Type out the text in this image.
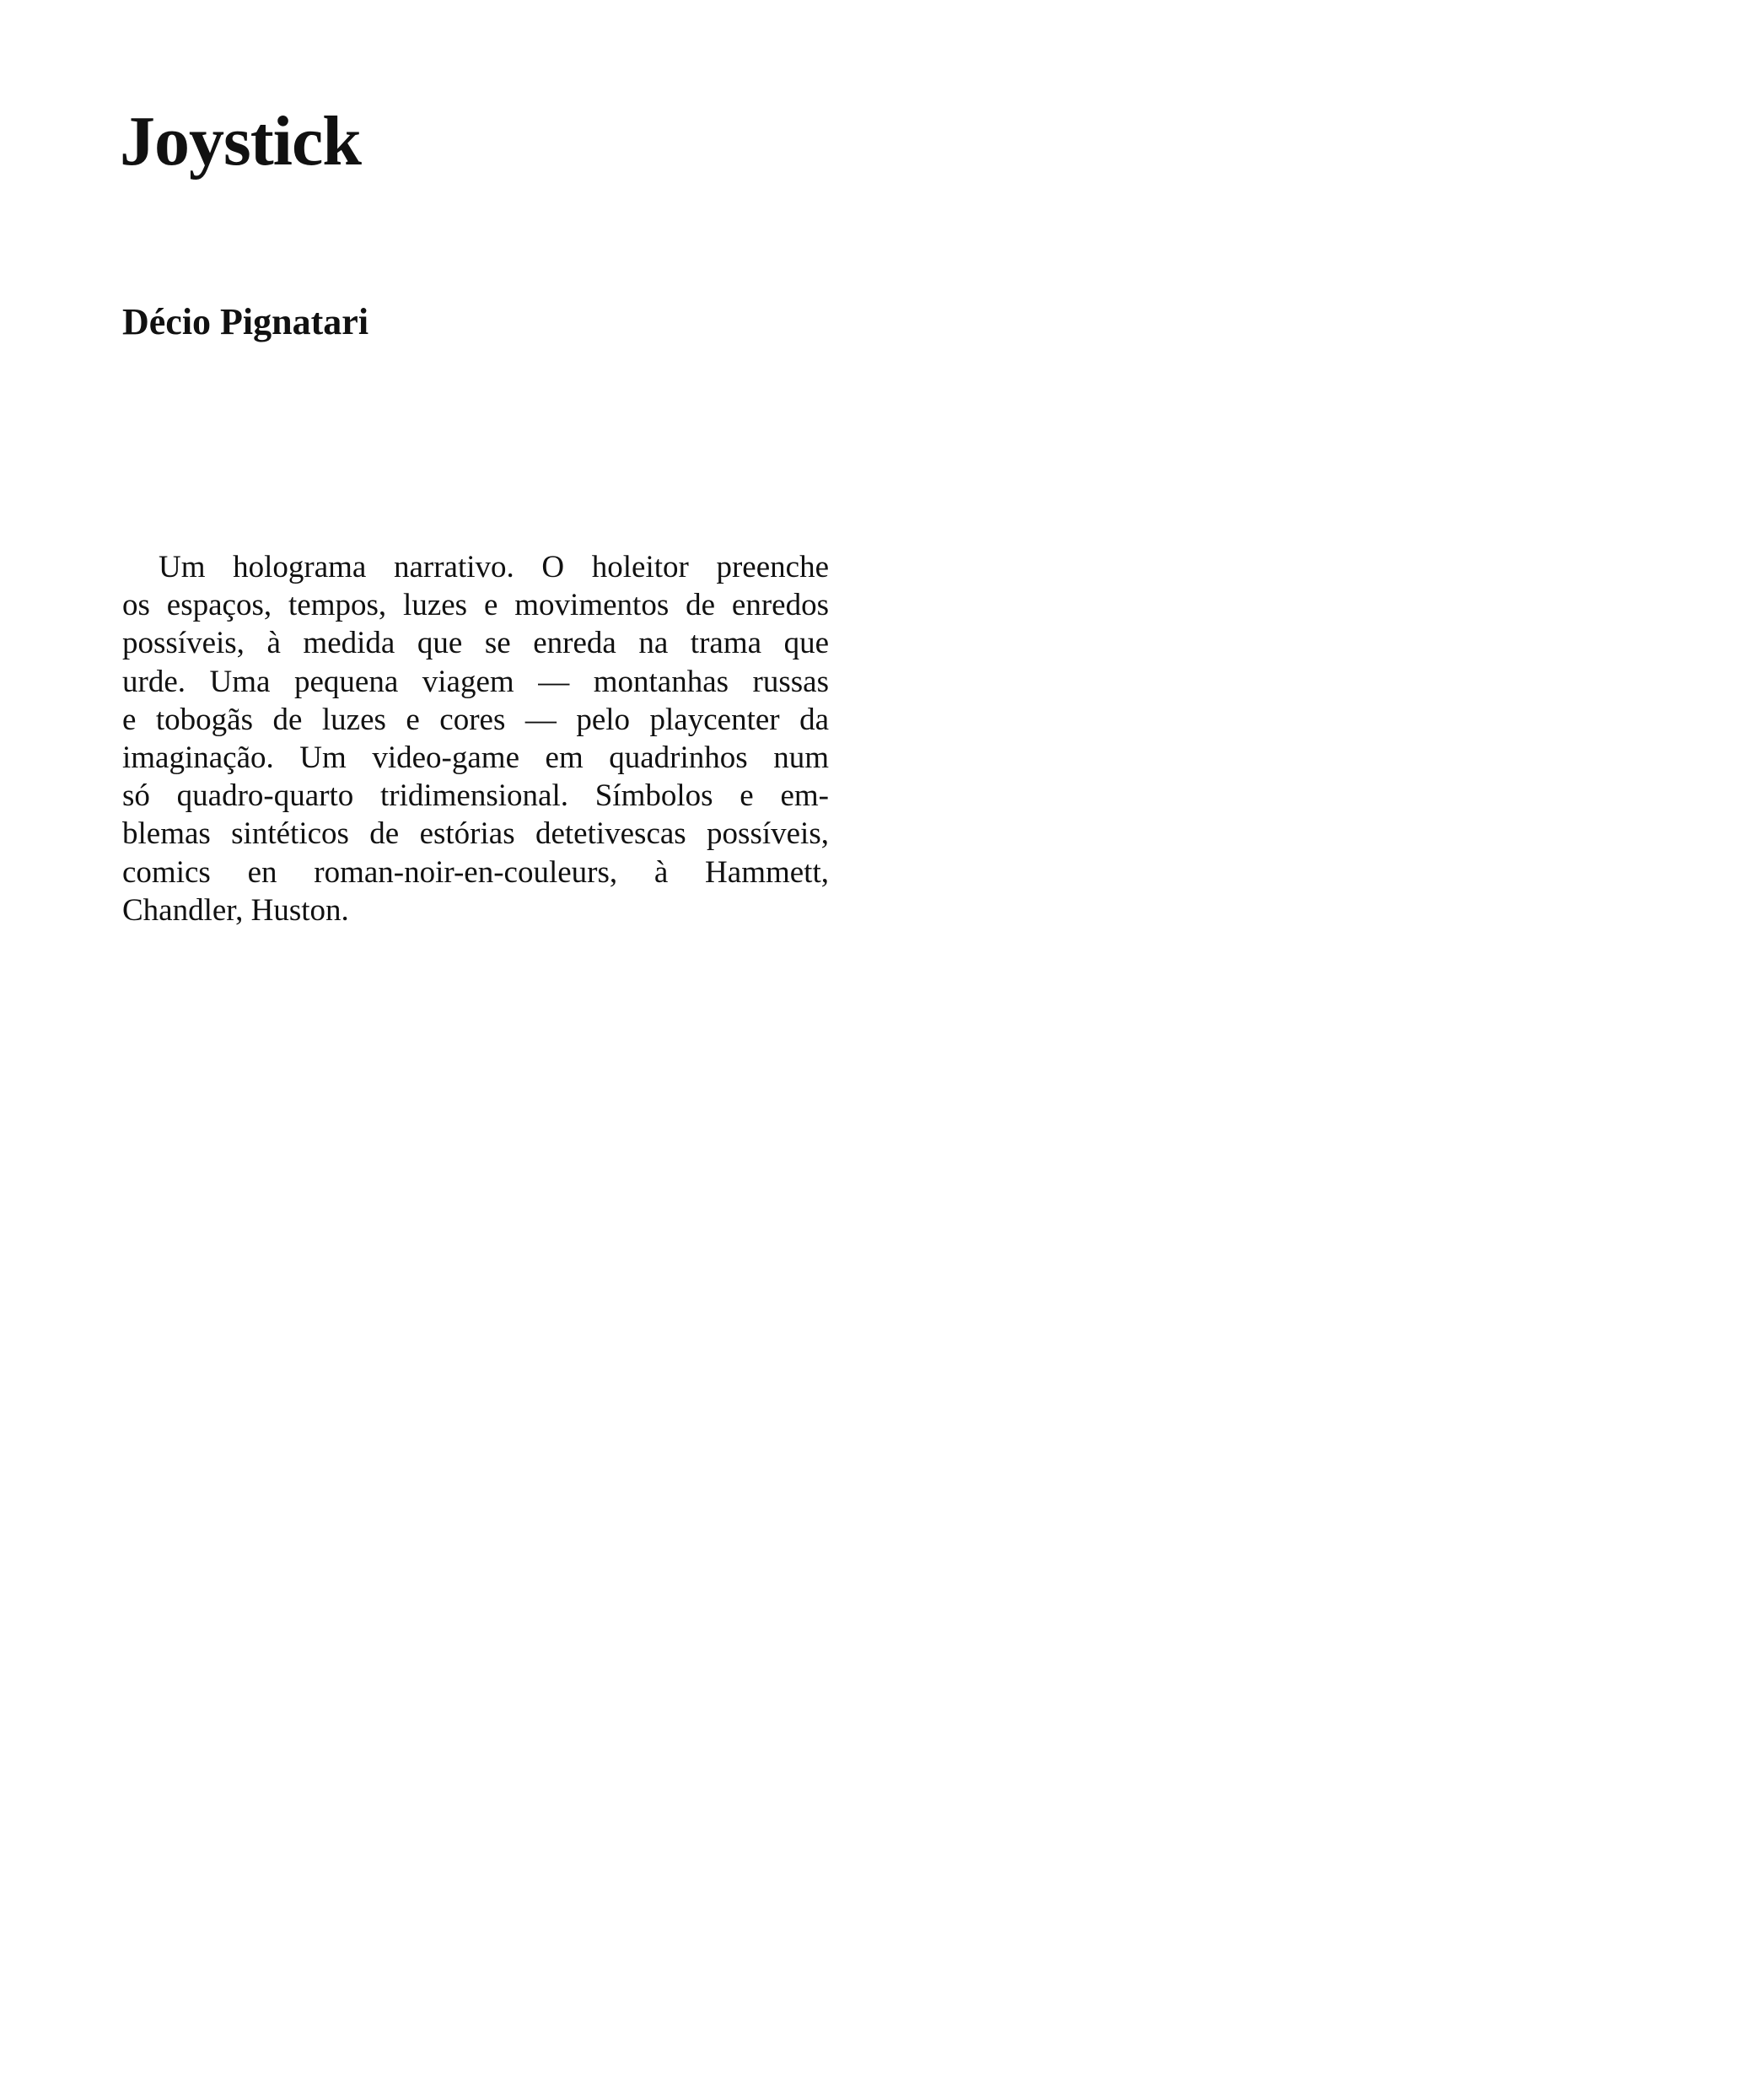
Joystick
Décio Pignatari

Um holograma narrativo. O holeitor preenche
os espaços, tempos, luzes e movimentos de enredos
possíveis, à medida que se enreda na trama que
urde. Uma pequena viagem — montanhas russas
e tobogãs de luzes e cores — pelo playcenter da
imaginação. Um video-game em quadrinhos num
só quadro-quarto tridimensional. Símbolos e em-
blemas sintéticos de estórias detetivescas possíveis,
comics en roman-noir-en-couleurs, à Hammett,
Chandler, Huston.
